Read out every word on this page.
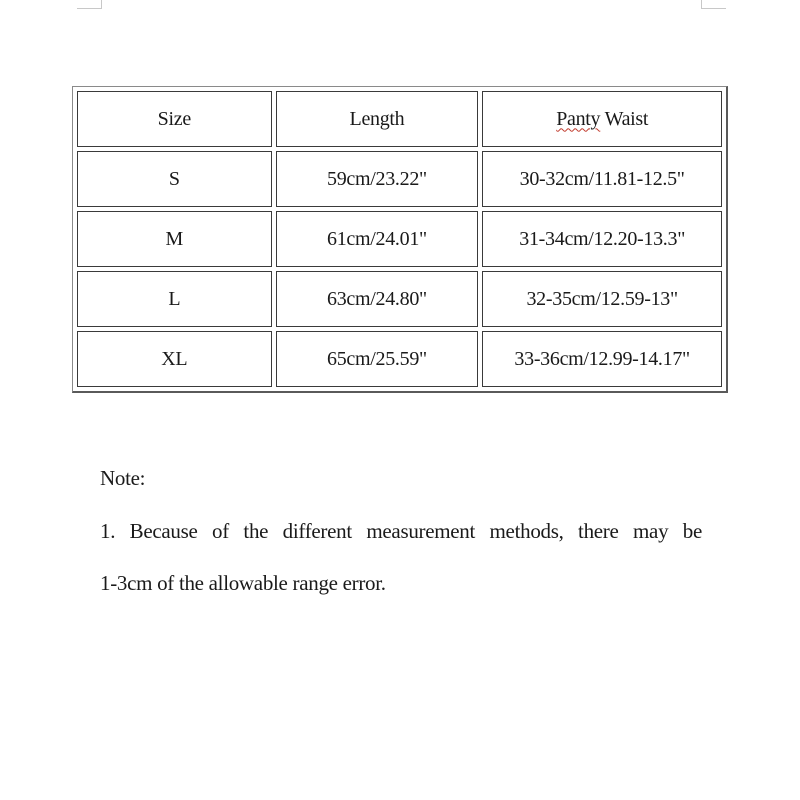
Size	Length	Panty Waist
S	59cm/23.22"	30-32cm/11.81-12.5"
M	61cm/24.01"	31-34cm/12.20-13.3"
L	63cm/24.80"	32-35cm/12.59-13"
XL	65cm/25.59"	33-36cm/12.99-14.17"

Note:

1. Because of the different measurement methods, there may be

1-3cm of the allowable range error.
